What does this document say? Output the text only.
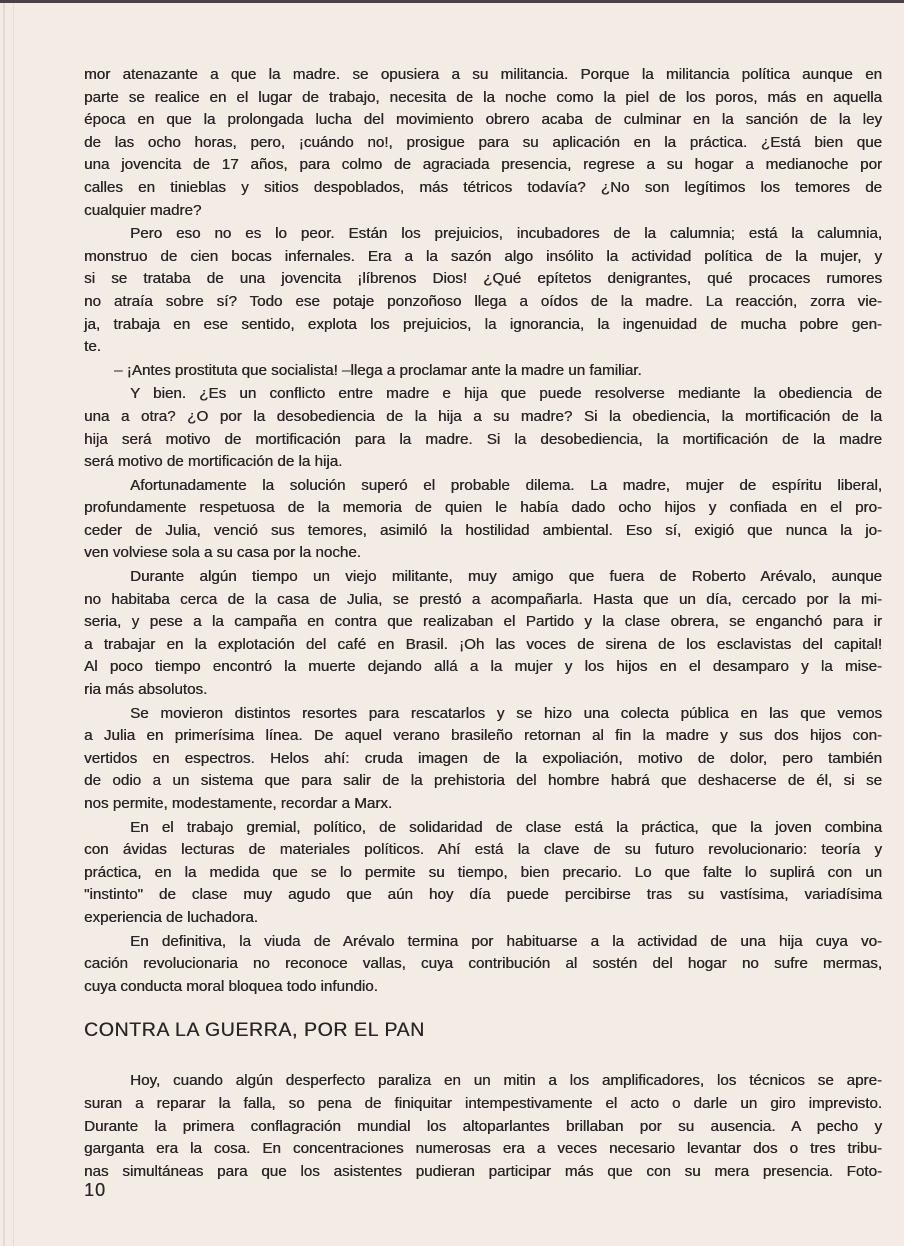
mor atenazante a que la madre. se opusiera a su militancia. Porque la militancia política aunque en
parte se realice en el lugar de trabajo, necesita de la noche como la piel de los poros, más en aquella
época en que la prolongada lucha del movimiento obrero acaba de culminar en la sanción de la ley
de las ocho horas, pero, ¡cuándo no!, prosigue para su aplicación en la práctica. ¿Está bien que
una jovencita de 17 años, para colmo de agraciada presencia, regrese a su hogar a medianoche por
calles en tinieblas y sitios despoblados, más tétricos todavía? ¿No son legítimos los temores de
cualquier madre?
Pero eso no es lo peor. Están los prejuicios, incubadores de la calumnia; está la calumnia,
monstruo de cien bocas infernales. Era a la sazón algo insólito la actividad política de la mujer, y
si se trataba de una jovencita ¡líbrenos Dios! ¿Qué epítetos denigrantes, qué procaces rumores
no atraía sobre sí? Todo ese potaje ponzoñoso llega a oídos de la madre. La reacción, zorra vie-
ja, trabaja en ese sentido, explota los prejuicios, la ignorancia, la ingenuidad de mucha pobre gen-
te.
– ¡Antes prostituta que socialista! –llega a proclamar ante la madre un familiar.
Y bien. ¿Es un conflicto entre madre e hija que puede resolverse mediante la obediencia de
una a otra? ¿O por la desobediencia de la hija a su madre? Si la obediencia, la mortificación de la
hija será motivo de mortificación para la madre. Si la desobediencia, la mortificación de la madre
será motivo de mortificación de la hija.
Afortunadamente la solución superó el probable dilema. La madre, mujer de espíritu liberal,
profundamente respetuosa de la memoria de quien le había dado ocho hijos y confiada en el pro-
ceder de Julia, venció sus temores, asimiló la hostilidad ambiental. Eso sí, exigió que nunca la jo-
ven volviese sola a su casa por la noche.
Durante algún tiempo un viejo militante, muy amigo que fuera de Roberto Arévalo, aunque
no habitaba cerca de la casa de Julia, se prestó a acompañarla. Hasta que un día, cercado por la mi-
seria, y pese a la campaña en contra que realizaban el Partido y la clase obrera, se enganchó para ir
a trabajar en la explotación del café en Brasil. ¡Oh las voces de sirena de los esclavistas del capital!
Al poco tiempo encontró la muerte dejando allá a la mujer y los hijos en el desamparo y la mise-
ria más absolutos.
Se movieron distintos resortes para rescatarlos y se hizo una colecta pública en las que vemos
a Julia en primerísima línea. De aquel verano brasileño retornan al fin la madre y sus dos hijos con-
vertidos en espectros. Helos ahí: cruda imagen de la expoliación, motivo de dolor, pero también
de odio a un sistema que para salir de la prehistoria del hombre habrá que deshacerse de él, si se
nos permite, modestamente, recordar a Marx.
En el trabajo gremial, político, de solidaridad de clase está la práctica, que la joven combina
con ávidas lecturas de materiales políticos. Ahí está la clave de su futuro revolucionario: teoría y
práctica, en la medida que se lo permite su tiempo, bien precario. Lo que falte lo suplirá con un
"instinto" de clase muy agudo que aún hoy día puede percibirse tras su vastísima, variadísima
experiencia de luchadora.
En definitiva, la viuda de Arévalo termina por habituarse a la actividad de una hija cuya vo-
cación revolucionaria no reconoce vallas, cuya contribución al sostén del hogar no sufre mermas,
cuya conducta moral bloquea todo infundio.
CONTRA LA GUERRA, POR EL PAN
Hoy, cuando algún desperfecto paraliza en un mitin a los amplificadores, los técnicos se apre-
suran a reparar la falla, so pena de finiquitar intempestivamente el acto o darle un giro imprevisto.
Durante la primera conflagración mundial los altoparlantes brillaban por su ausencia. A pecho y
garganta era la cosa. En concentraciones numerosas era a veces necesario levantar dos o tres tribu-
nas simultáneas para que los asistentes pudieran participar más que con su mera presencia. Foto-
10
